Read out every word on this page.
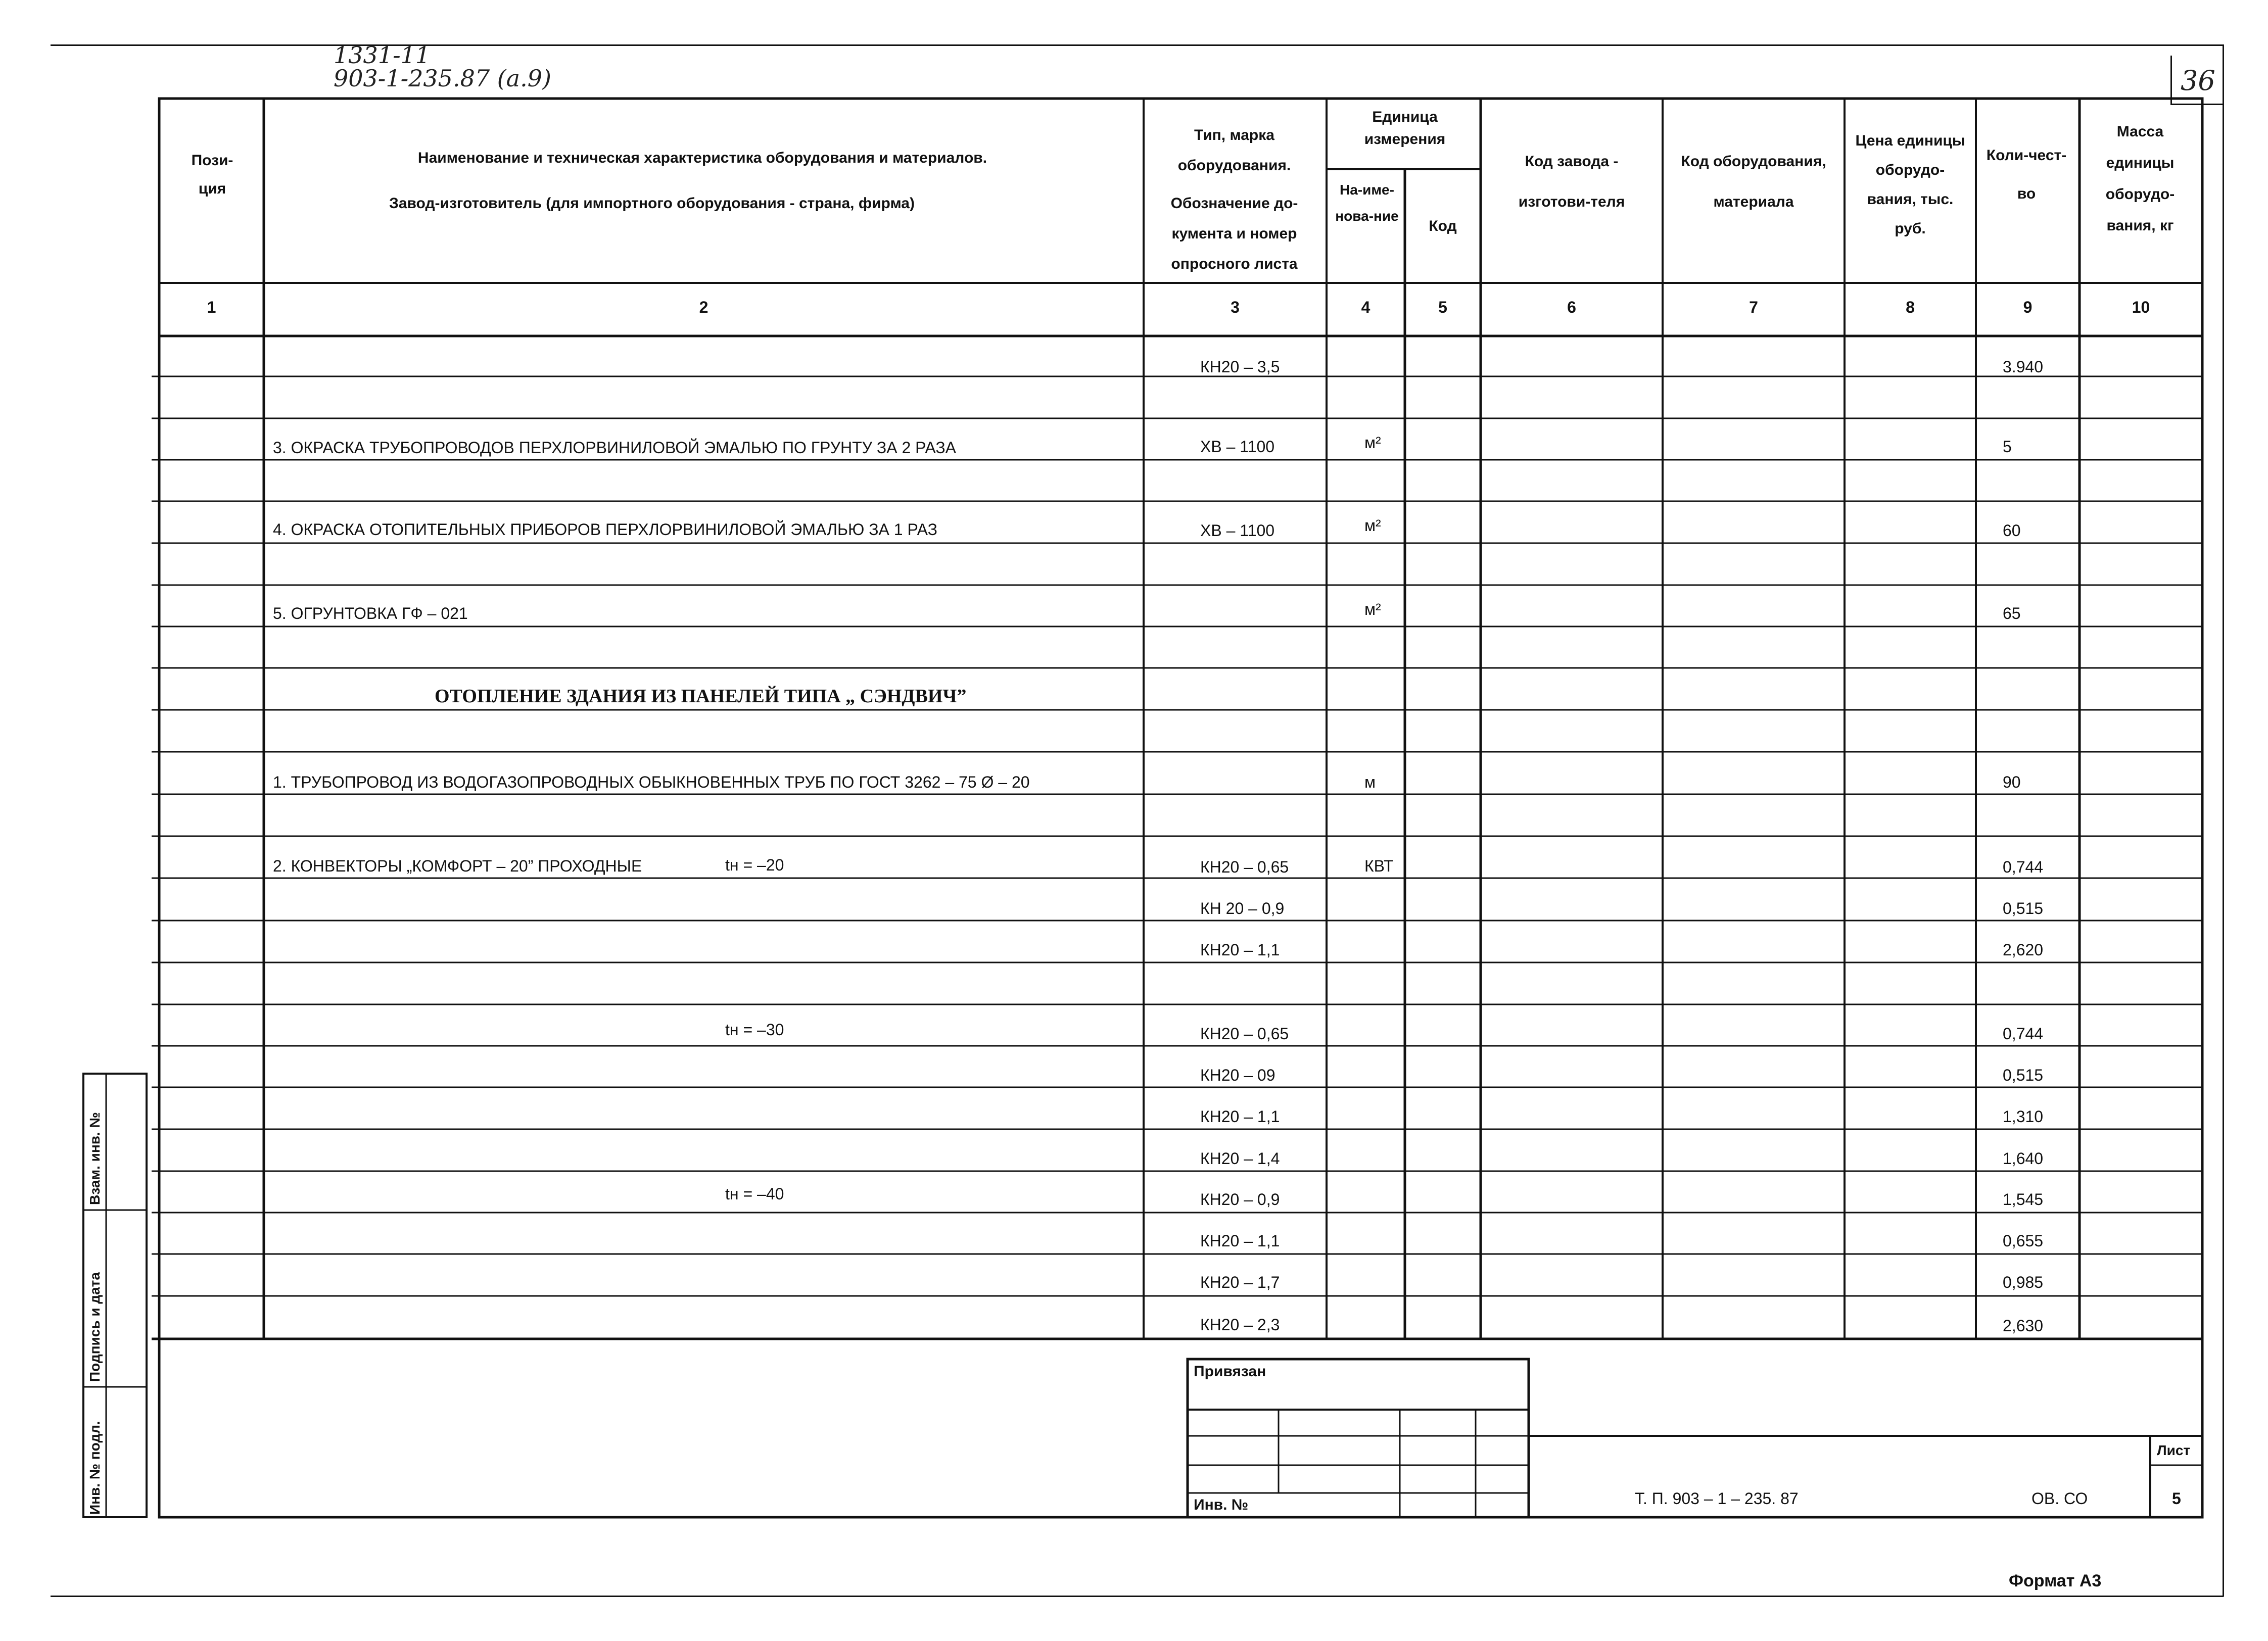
1331-11
903-1-235.87 (а.9)	36
Формат А3
Пози-ция
Наименование и техническая характеристика оборудования и материалов.
Завод-изготовитель (для импортного оборудования - страна, фирма)
Тип, марка
оборудования.
Обозначение до-
кумента и номер
опросного листа
Единица измерения
На-име-нова-ние
Код
Код завода - изготови-теля
Код оборудования, материала
Цена единицы оборудо-вания, тыс. руб.
Коли-чест-во
Масса единицы оборудо-вания, кг
1	2	3	4	5	6	7	8	9	10
КН20 – 3,5	3.940
3. ОКРАСКА ТРУБОПРОВОДОВ ПЕРХЛОРВИНИЛОВОЙ ЭМАЛЬЮ ПО ГРУНТУ ЗА 2 РАЗА	ХВ – 1100	м²	5
4. ОКРАСКА ОТОПИТЕЛЬНЫХ ПРИБОРОВ ПЕРХЛОРВИНИЛОВОЙ ЭМАЛЬЮ ЗА 1 РАЗ	ХВ – 1100	м²	60
5. ОГРУНТОВКА ГФ – 021	м²	65
ОТОПЛЕНИЕ ЗДАНИЯ ИЗ ПАНЕЛЕЙ ТИПА „ СЭНДВИЧ”
1. ТРУБОПРОВОД ИЗ ВОДОГАЗОПРОВОДНЫХ ОБЫКНОВЕННЫХ ТРУБ ПО ГОСТ 3262 – 75 Ø – 20	м	90
2. КОНВЕКТОРЫ „КОМФОРТ – 20” ПРОХОДНЫЕ	tн = –20	КН20 – 0,65	КВТ	0,744
КН 20 – 0,9	0,515
КН20 – 1,1	2,620
tн = –30	КН20 – 0,65	0,744
КН20 – 09	0,515
КН20 – 1,1	1,310
КН20 – 1,4	1,640
tн = –40	КН20 – 0,9	1,545
КН20 – 1,1	0,655
КН20 – 1,7	0,985
КН20 – 2,3	2,630
Взам. инв. №
Подпись и дата
Инв. № подл.
Привязан
Инв. №	Т. П. 903 – 1 – 235. 87	ОВ. СО
Лист
5
